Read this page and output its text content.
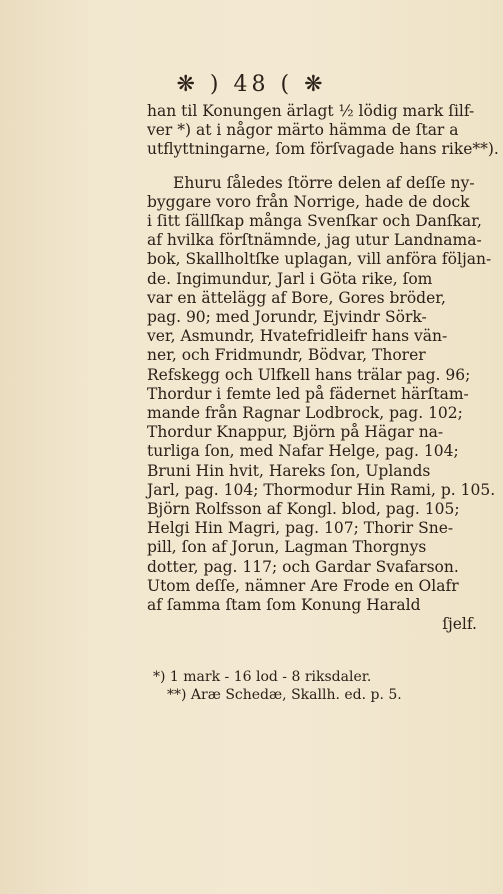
❋ ) 48 ( ❋
han til Konungen ärlagt ½ lödig mark ſilf-
ver *) at i någor märto hämma de ſtar a
utflyttningarne, ſom förſvagade hans rike**).
Ehuru ſåledes ſtörre delen af deſſe ny-
byggare voro från Norrige, hade de dock
i ſitt ſällſkap många Svenſkar och Danſkar,
af hvilka förſtnämnde, jag utur Landnama-
bok, Skallholtſke uplagan, vill anföra följan-
de. Ingimundur, Jarl i Göta rike, ſom
var en ättelägg af Bore, Gores bröder,
pag. 90; med Jorundr, Ejvindr Sörk-
ver, Asmundr, Hvatefridleifr hans vän-
ner, och Fridmundr, Bödvar, Thorer
Refskegg och Ulfkell hans trälar pag. 96;
Thordur i femte led på fädernet härſtam-
mande från Ragnar Lodbrock, pag. 102;
Thordur Knappur, Björn på Hägar na-
turliga ſon, med Nafar Helge, pag. 104;
Bruni Hin hvit, Hareks ſon, Uplands
Jarl, pag. 104; Thormodur Hin Rami, p. 105.
Björn Rolfsson af Kongl. blod, pag. 105;
Helgi Hin Magri, pag. 107; Thorir Sne-
pill, ſon af Jorun, Lagman Thorgnys
dotter, pag. 117; och Gardar Svafarson.
Utom deſſe, nämner Are Frode en Olafr
af ſamma ſtam ſom Konung Harald
ſjelf.
*) 1 mark - 16 lod - 8 riksdaler.
**) Aræ Schedæ, Skallh. ed. p. 5.
